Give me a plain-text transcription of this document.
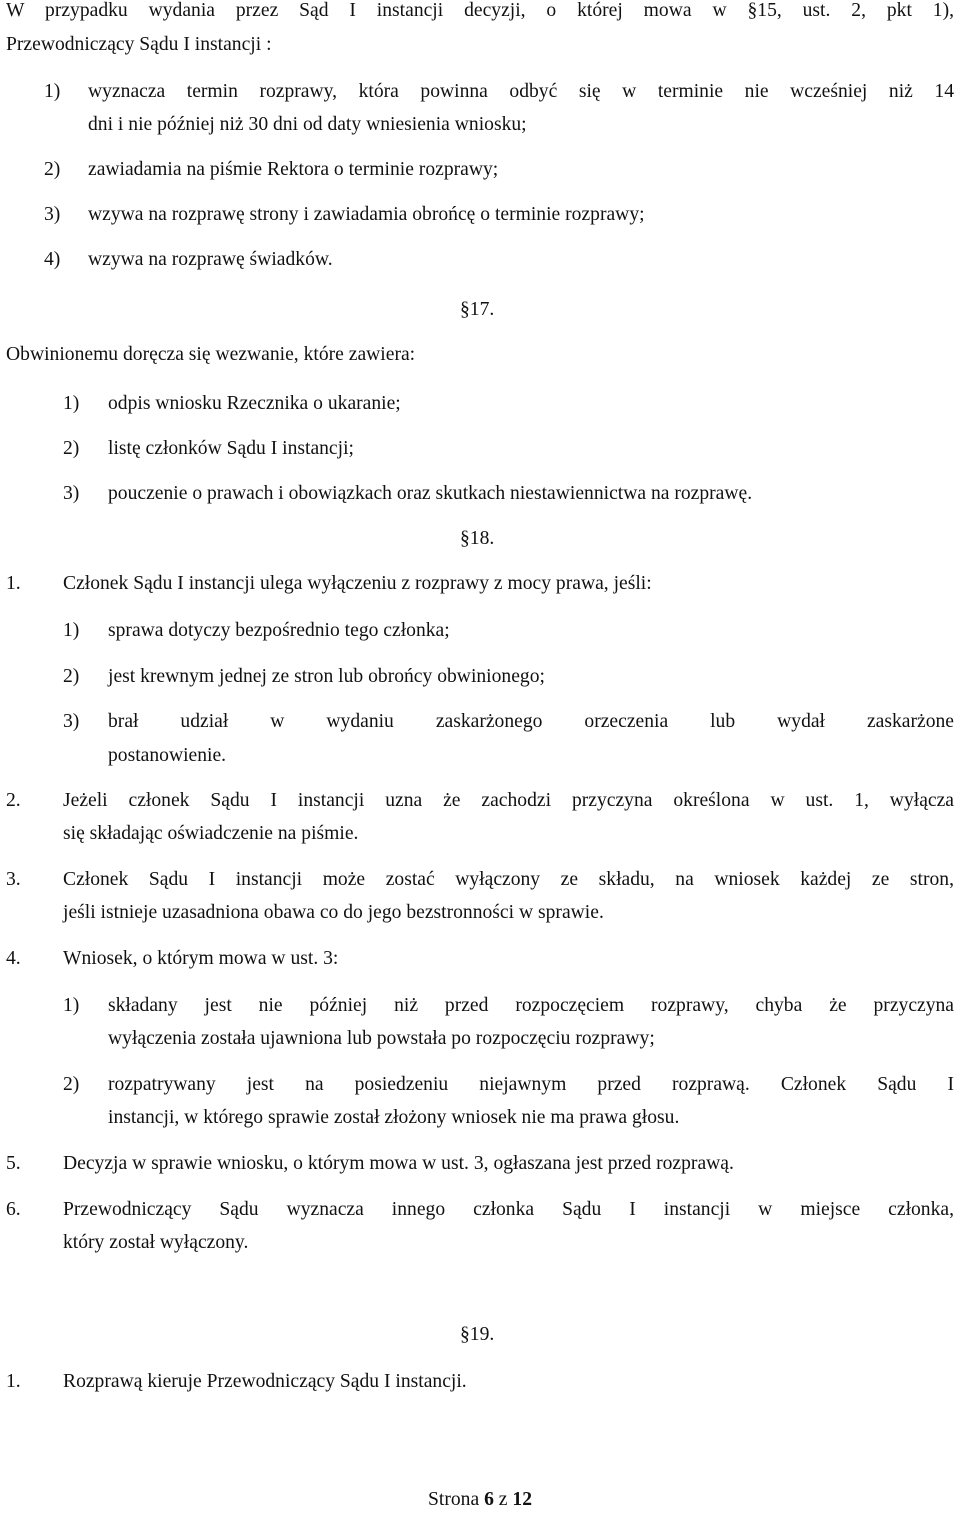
W przypadku wydania przez Sąd I instancji decyzji, o której mowa w §15, ust. 2, pkt 1),
Przewodniczący Sądu I instancji :
1) wyznacza termin rozprawy, która powinna odbyć się w terminie nie wcześniej niż 14
dni i nie później niż 30 dni od daty wniesienia wniosku;
2) zawiadamia na piśmie Rektora o terminie rozprawy;
3) wzywa na rozprawę strony i zawiadamia obrońcę o terminie rozprawy;
4) wzywa na rozprawę świadków.
§17.
Obwinionemu doręcza się wezwanie, które zawiera:
1) odpis wniosku Rzecznika o ukaranie;
2) listę członków Sądu I instancji;
3) pouczenie o prawach i obowiązkach oraz skutkach niestawiennictwa na rozprawę.
§18.
1. Członek Sądu I instancji ulega wyłączeniu z rozprawy z mocy prawa, jeśli:
1) sprawa dotyczy bezpośrednio tego członka;
2) jest krewnym jednej ze stron lub obrońcy obwinionego;
3) brał udział w wydaniu zaskarżonego orzeczenia lub wydał zaskarżone
postanowienie.
2. Jeżeli członek Sądu I instancji uzna że zachodzi przyczyna określona w ust. 1, wyłącza
się składając oświadczenie na piśmie.
3. Członek Sądu I instancji może zostać wyłączony ze składu, na wniosek każdej ze stron,
jeśli istnieje uzasadniona obawa co do jego bezstronności w sprawie.
4. Wniosek, o którym mowa w ust. 3:
1) składany jest nie później niż przed rozpoczęciem rozprawy, chyba że przyczyna
wyłączenia została ujawniona lub powstała po rozpoczęciu rozprawy;
2) rozpatrywany jest na posiedzeniu niejawnym przed rozprawą. Członek Sądu I
instancji, w którego sprawie został złożony wniosek nie ma prawa głosu.
5. Decyzja w sprawie wniosku, o którym mowa w ust. 3, ogłaszana jest przed rozprawą.
6. Przewodniczący Sądu wyznacza innego członka Sądu I instancji w miejsce członka,
który został wyłączony.
§19.
1. Rozprawą kieruje Przewodniczący Sądu I instancji.
Strona 6 z 12
